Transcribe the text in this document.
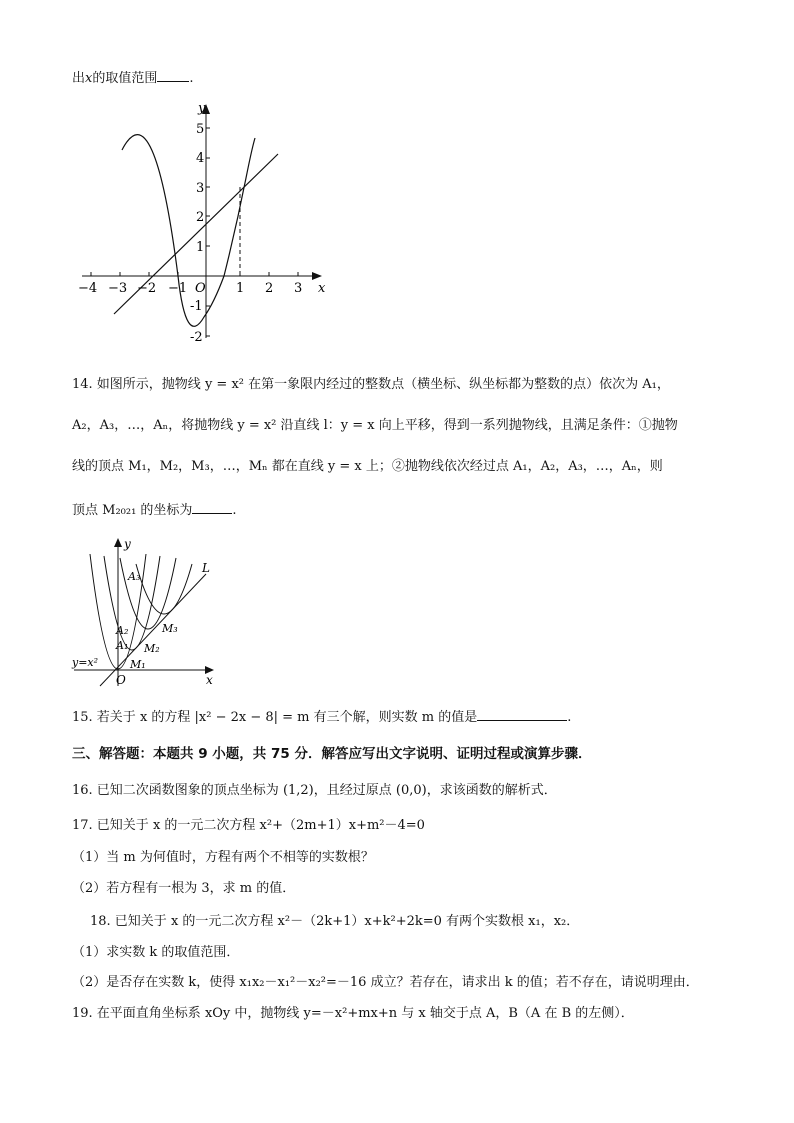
出x的取值范围 .
y
x
O
5
4
3
2
1
-1
-2
−4 −3 −2 −1	1 2 3
14. 如图所示，抛物线 y = x² 在第一象限内经过的整数点（横坐标、纵坐标都为整数的点）依次为 A₁，
A₂，A₃，…，Aₙ，将抛物线 y = x² 沿直线 l：y = x 向上平移，得到一系列抛物线，且满足条件：①抛物
线的顶点 M₁，M₂，M₃，…，Mₙ 都在直线 y = x 上；②抛物线依次经过点 A₁，A₂，A₃，…，Aₙ，则
顶点 M₂₀₂₁ 的坐标为	.
y
x
O
L
y=x²
A₃
A₂
A₁
M₁
M₂
M₃
15. 若关于 x 的方程 |x² − 2x − 8| = m 有三个解，则实数 m 的值是	.
三、解答题：本题共 9 小题，共 75 分．解答应写出文字说明、证明过程或演算步骤．
16. 已知二次函数图象的顶点坐标为 (1,2)，且经过原点 (0,0)，求该函数的解析式．
17. 已知关于 x 的一元二次方程 x²+（2m+1）x+m²－4=0
（1）当 m 为何值时，方程有两个不相等的实数根？
（2）若方程有一根为 3，求 m 的值．
18. 已知关于 x 的一元二次方程 x²－（2k+1）x+k²+2k=0 有两个实数根 x₁，x₂．
（1）求实数 k 的取值范围．
（2）是否存在实数 k，使得 x₁x₂－x₁²－x₂²=－16 成立？若存在，请求出 k 的值；若不存在，请说明理由．
19. 在平面直角坐标系 xOy 中，抛物线 y=－x²+mx+n 与 x 轴交于点 A，B（A 在 B 的左侧）．
